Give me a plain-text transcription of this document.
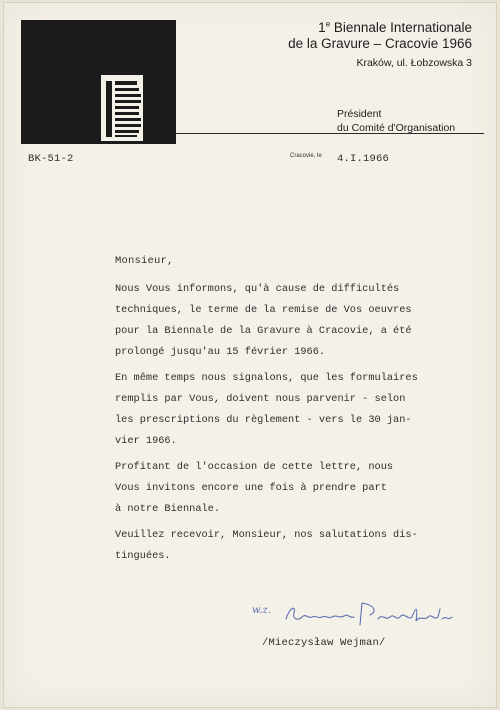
1e Biennale Internationale
de la Gravure – Cracovie 1966
Kraków, ul. Łobzowska 3
Président
du Comité d'Organisation
BK-51-2	Cracovie, le 4.I.1966
Monsieur,

Nous Vous informons, qu'à cause de difficultés
techniques, le terme de la remise de Vos oeuvres
pour la Biennale de la Gravure à Cracovie, a été
prolongé jusqu'au 15 février 1966.

En même temps nous signalons, que les formulaires
remplis par Vous, doivent nous parvenir - selon
les prescriptions du règlement - vers le 30 jan-
vier 1966.

Profitant de l'occasion de cette lettre, nous
Vous invitons encore une fois à prendre part
à notre Biennale.

Veuillez recevoir, Monsieur, nos salutations dis-
tinguées.

w.z.
/Mieczysław Wejman/
